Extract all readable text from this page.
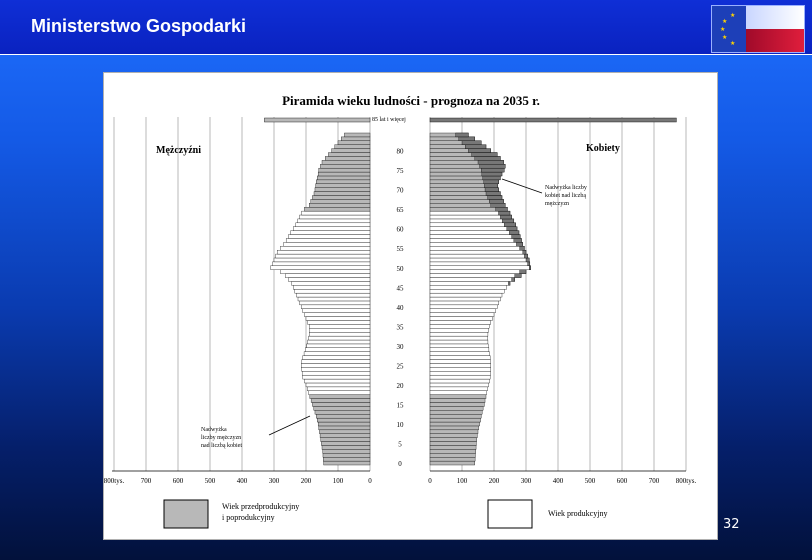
Ministerstwo Gospodarki	★
★
★
★
★
Piramida wieku ludności - prognoza na 2035 r.
0
5
10
15
20
25
30
35
40
45
50
55
60
65
70
75
80
800tys. 700	600	500	400	300	200	100	0	0	100	200	300	400	500	600	700 800tys.
Mężczyźni	Kobiety
85 lat i więcej
Nadwyżka liczby kobiet nad liczbą mężczyzn
Nadwyżka liczby mężczyzn nad liczbą kobiet
Wiek przedprodukcyjny i poprodukcyjny	Wiek produkcyjny
32
